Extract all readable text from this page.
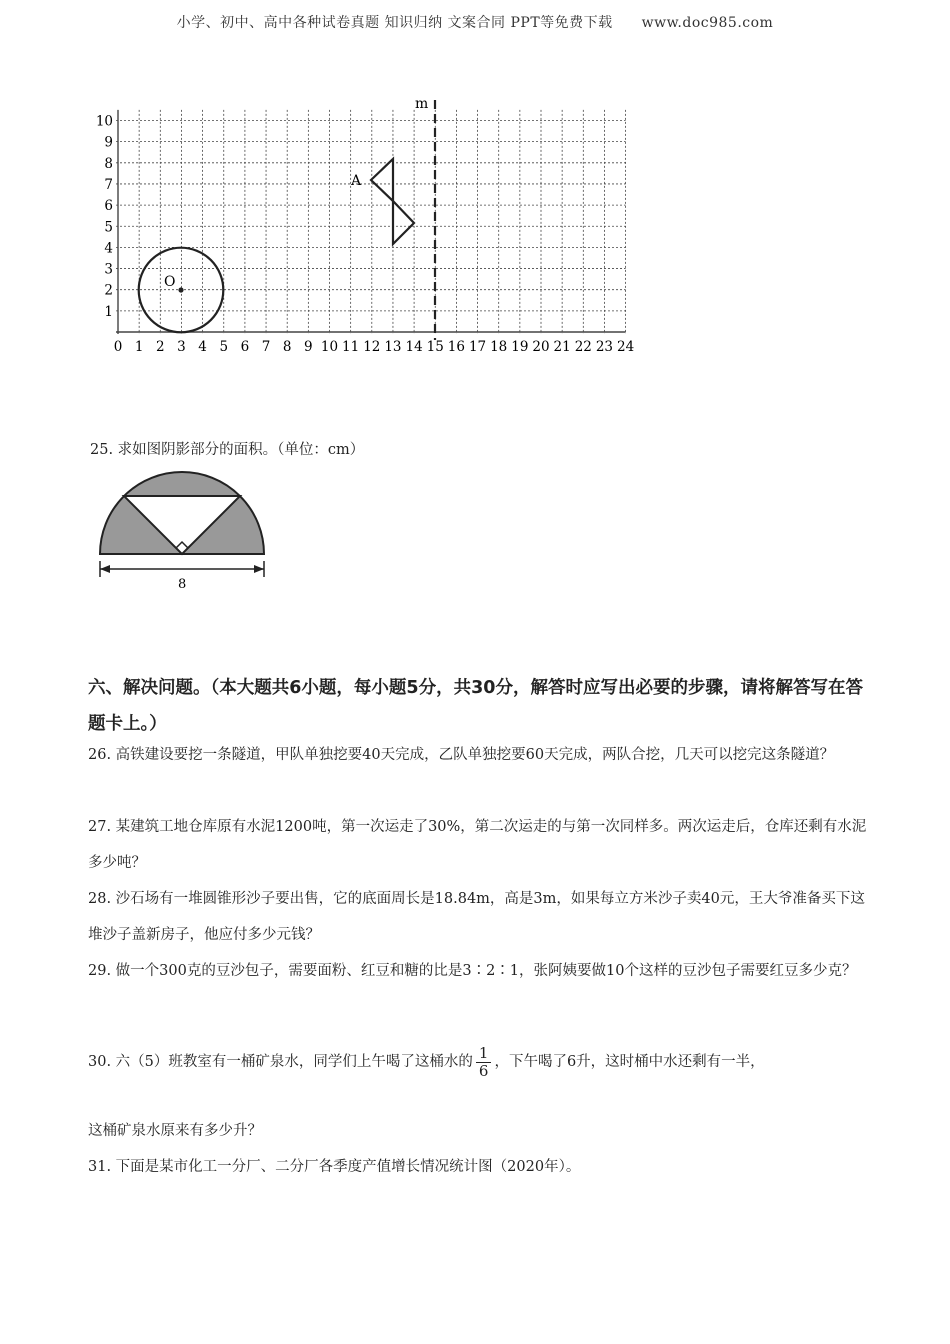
小学、初中、高中各种试卷真题 知识归纳 文案合同 PPT等免费下载 www.doc985.com
0 1 2 3 4 5 6 7 8 9 10 11 12 13 14 15 16 17 18 19 20 21 22 23 24
1
2
3
4
5
6
7
8
9
10
m
O
A
25. 求如图阴影部分的面积。（单位：cm）
8
六、解决问题。（本大题共6小题，每小题5分，共30分，解答时应写出必要的步骤，请将解答写在答题卡上。）
26. 高铁建设要挖一条隧道，甲队单独挖要40天完成，乙队单独挖要60天完成，两队合挖，几天可以挖完这条隧道？
27. 某建筑工地仓库原有水泥1200吨，第一次运走了30%，第二次运走的与第一次同样多。两次运走后，仓库还剩有水泥多少吨？
28. 沙石场有一堆圆锥形沙子要出售，它的底面周长是18.84m，高是3m，如果每立方米沙子卖40元，王大爷准备买下这堆沙子盖新房子，他应付多少元钱？
29. 做一个300克的豆沙包子，需要面粉、红豆和糖的比是3∶2∶1，张阿姨要做10个这样的豆沙包子需要红豆多少克？
30. 六（5）班教室有一桶矿泉水，同学们上午喝了这桶水的 $\frac{1}{6}$ ，下午喝了6升，这时桶中水还剩有一半，
这桶矿泉水原来有多少升？
31. 下面是某市化工一分厂、二分厂各季度产值增长情况统计图（2020年）。
